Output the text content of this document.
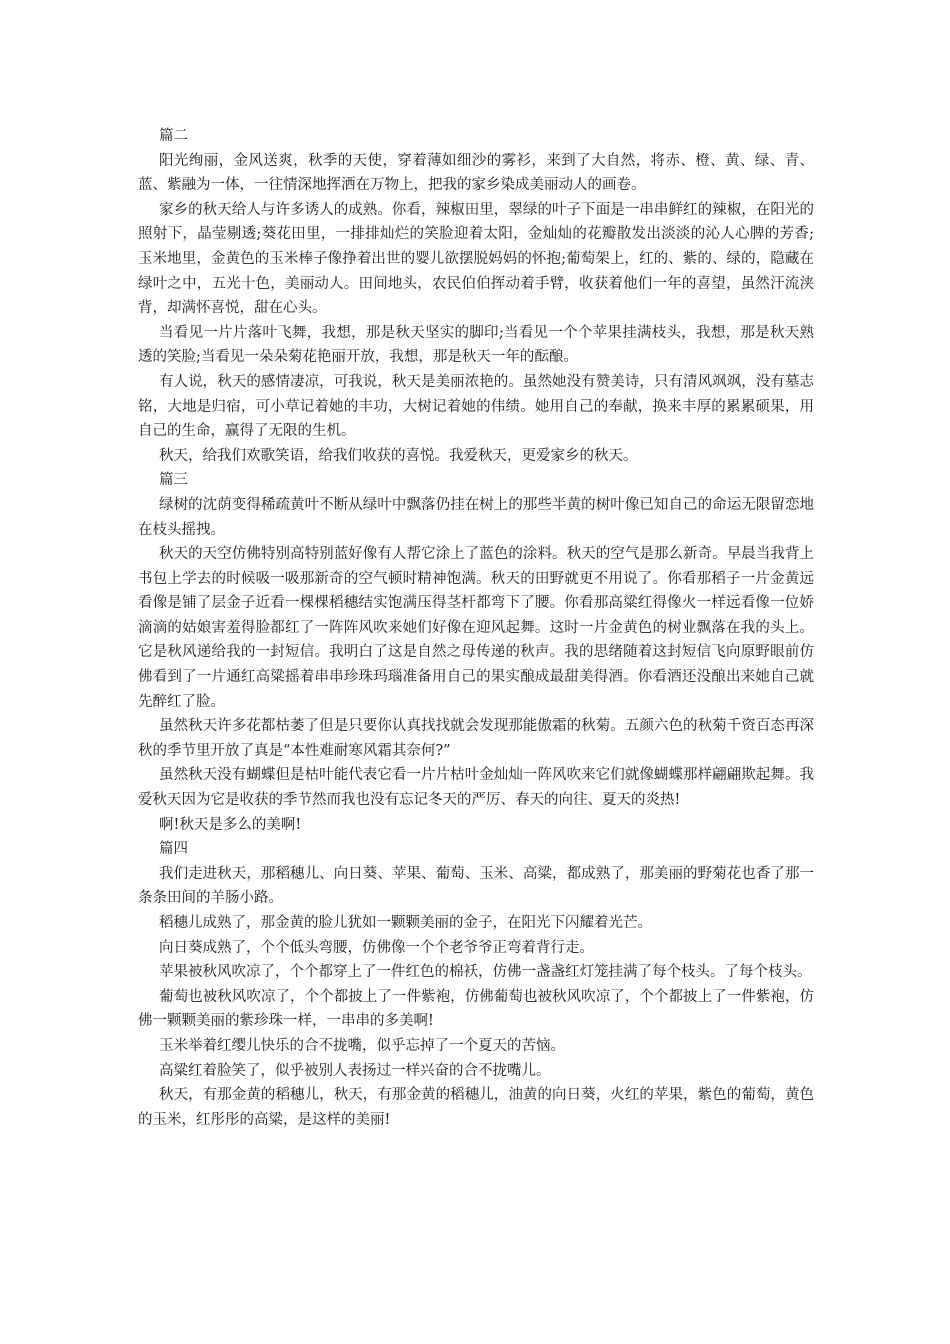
篇二

阳光绚丽，金风送爽，秋季的天使，穿着薄如细沙的雾衫，来到了大自然，将赤、橙、黄、绿、青、蓝、紫融为一体，一往情深地挥洒在万物上，把我的家乡染成美丽动人的画卷。

家乡的秋天给人与许多诱人的成熟。你看，辣椒田里，翠绿的叶子下面是一串串鲜红的辣椒，在阳光的照射下，晶莹剔透;葵花田里，一排排灿烂的笑脸迎着太阳，金灿灿的花瓣散发出淡淡的沁人心脾的芳香;玉米地里，金黄色的玉米棒子像挣着出世的婴儿欲摆脱妈妈的怀抱;葡萄架上，红的、紫的、绿的，隐藏在绿叶之中，五光十色，美丽动人。田间地头，农民伯伯挥动着手臂，收获着他们一年的喜望，虽然汗流浃背，却满怀喜悦，甜在心头。

当看见一片片落叶飞舞，我想，那是秋天坚实的脚印;当看见一个个苹果挂满枝头，我想，那是秋天熟透的笑脸;当看见一朵朵菊花艳丽开放，我想，那是秋天一年的酝酿。

有人说，秋天的感情凄凉，可我说，秋天是美丽浓艳的。虽然她没有赞美诗，只有清风飒飒，没有墓志铭，大地是归宿，可小草记着她的丰功，大树记着她的伟绩。她用自己的奉献，换来丰厚的累累硕果，用自己的生命，赢得了无限的生机。

秋天，给我们欢歌笑语，给我们收获的喜悦。我爱秋天，更爱家乡的秋天。

篇三

绿树的沈荫变得稀疏黄叶不断从绿叶中飘落仍挂在树上的那些半黄的树叶像已知自己的命运无限留恋地在枝头摇拽。

秋天的天空仿佛特别高特别蓝好像有人帮它涂上了蓝色的涂料。秋天的空气是那么新奇。早晨当我背上书包上学去的时候吸一吸那新奇的空气顿时精神饱满。秋天的田野就更不用说了。你看那稻子一片金黄远看像是铺了层金子近看一棵棵稻穗结实饱满压得茎杆都弯下了腰。你看那高粱红得像火一样远看像一位娇滴滴的姑娘害羞得脸都红了一阵阵风吹来她们好像在迎风起舞。这时一片金黄色的树业飘落在我的头上。它是秋风递给我的一封短信。我明白了这是自然之母传递的秋声。我的思绪随着这封短信飞向原野眼前仿佛看到了一片通红高粱摇着串串珍珠玛瑙准备用自己的果实酿成最甜美得酒。你看酒还没酿出来她自己就先醉红了脸。

虽然秋天许多花都枯萎了但是只要你认真找找就会发现那能傲霜的秋菊。五颜六色的秋菊千资百态再深秋的季节里开放了真是“本性难耐寒风霜其奈何?”

虽然秋天没有蝴蝶但是枯叶能代表它看一片片枯叶金灿灿一阵风吹来它们就像蝴蝶那样翩翩欺起舞。我爱秋天因为它是收获的季节然而我也没有忘记冬天的严厉、春天的向往、夏天的炎热!

啊!秋天是多么的美啊!

篇四

我们走进秋天，那稻穗儿、向日葵、苹果、葡萄、玉米、高粱，都成熟了，那美丽的野菊花也香了那一条条田间的羊肠小路。

稻穗儿成熟了，那金黄的脸儿犹如一颗颗美丽的金子，在阳光下闪耀着光芒。

向日葵成熟了，个个低头弯腰，仿佛像一个个老爷爷正弯着背行走。

苹果被秋风吹凉了，个个都穿上了一件红色的棉袄，仿佛一盏盏红灯笼挂满了每个枝头。了每个枝头。

葡萄也被秋风吹凉了，个个都披上了一件紫袍，仿佛葡萄也被秋风吹凉了，个个都披上了一件紫袍，仿佛一颗颗美丽的紫珍珠一样，一串串的多美啊!

玉米举着红缨儿快乐的合不拢嘴，似乎忘掉了一个夏天的苦恼。

高粱红着脸笑了，似乎被别人表扬过一样兴奋的合不拢嘴儿。

秋天，有那金黄的稻穗儿，秋天，有那金黄的稻穗儿，油黄的向日葵，火红的苹果，紫色的葡萄，黄色的玉米，红彤彤的高粱，是这样的美丽!
